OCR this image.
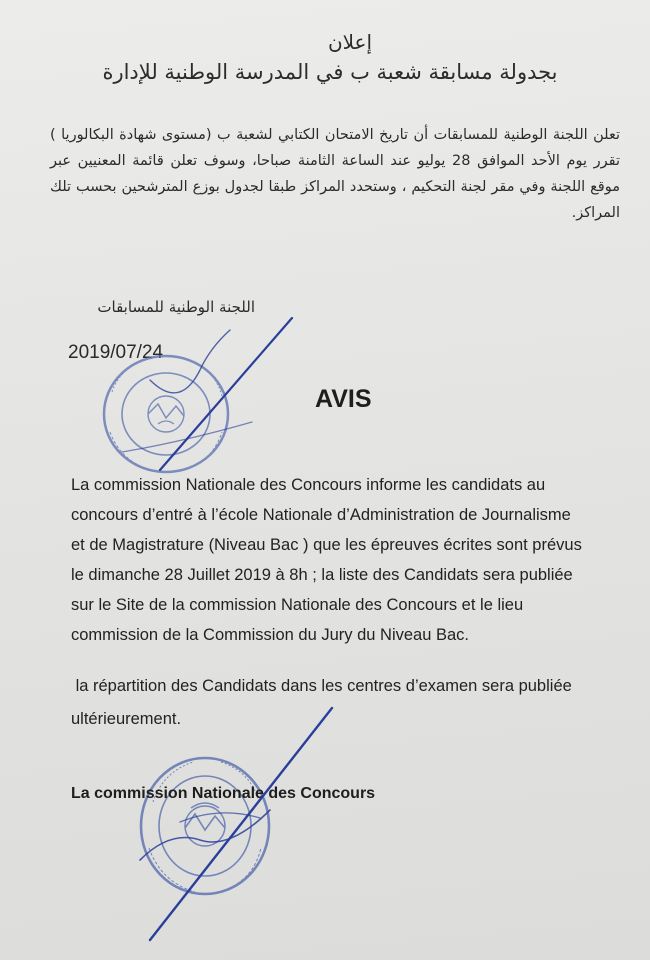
إعلان
بجدولة مسابقة شعبة ب في المدرسة الوطنية للإدارة
تعلن اللجنة الوطنية للمسابقات أن تاريخ الامتحان الكتابي لشعبة ب (مستوى شهادة البكالوريا ) تقرر يوم الأحد الموافق 28 يوليو عند الساعة الثامنة صباحا، وسوف تعلن قائمة المعنيين عبر موقع اللجنة وفي مقر لجنة التحكيم ، وستحدد المراكز طبقا لجدول بوزع المترشحين بحسب تلك المراكز.
اللجنة الوطنية للمسابقات
2019/07/24
AVIS
La commission Nationale des Concours informe les candidats au
concours d’entré à l’école Nationale d’Administration de Journalisme
et de Magistrature (Niveau Bac ) que les épreuves écrites sont prévus
le dimanche 28 Juillet 2019 à 8h ; la liste des Candidats sera publiée
sur le Site de la commission Nationale des Concours et le lieu
commission de la Commission du Jury du Niveau Bac.
la répartition des Candidats dans les centres d’examen sera publiée
ultérieurement.
La commission Nationale des Concours
